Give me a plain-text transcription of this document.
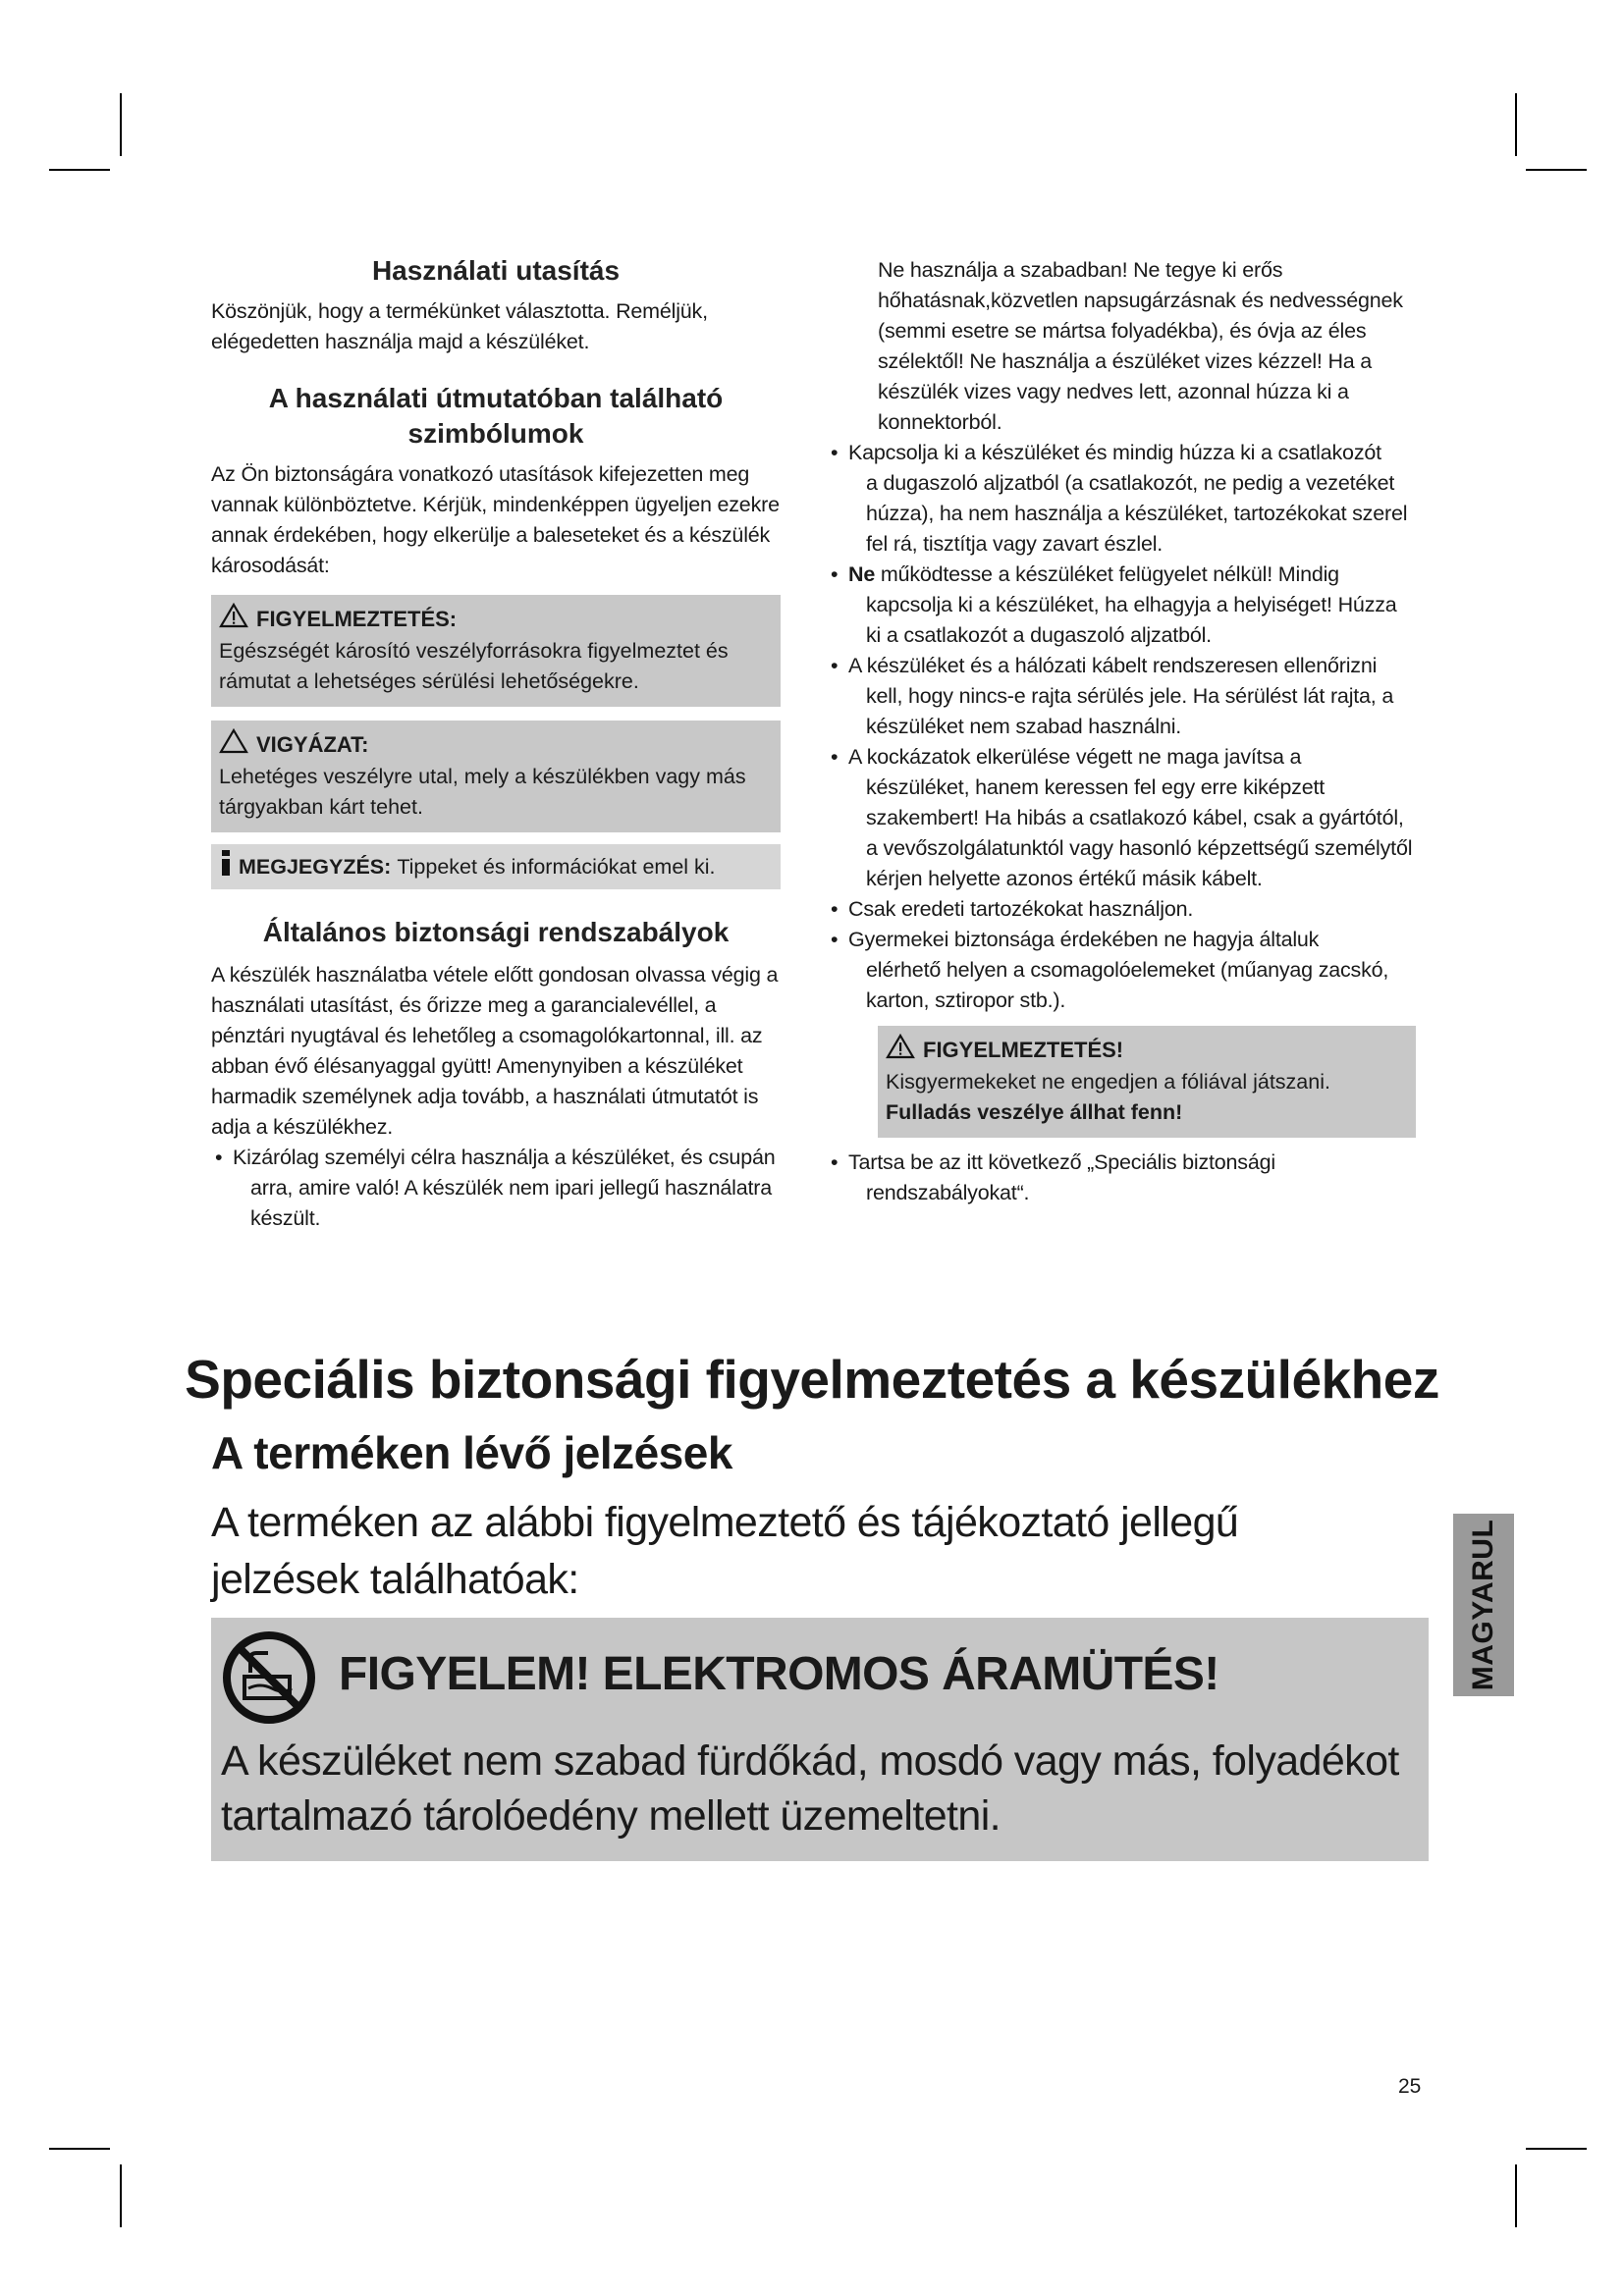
Használati utasítás

Köszönjük, hogy a termékünket választotta. Reméljük, elégedetten használja majd a készüléket.

A használati útmutatóban található szimbólumok

Az Ön biztonságára vonatkozó utasítások kifejezetten meg vannak különböztetve. Kérjük, mindenképpen ügyeljen ezekre annak érdekében, hogy elkerülje a baleseteket és a készülék károsodását:

FIGYELMEZTETÉS:
Egészségét károsító veszélyforrásokra figyelmeztet és rámutat a lehetséges sérülési lehetőségekre.
VIGYÁZAT:
Lehetéges veszélyre utal, mely a készülékben vagy más tárgyakban kárt tehet.
MEGJEGYZÉS: Tippeket és információkat emel ki.
Általános biztonsági rendszabályok

A készülék használatba vétele előtt gondosan olvassa végig a használati utasítást, és őrizze meg a garancialevéllel, a pénztári nyugtával és lehetőleg a csomagolókartonnal, ill. az abban évő élésanyaggal gyütt! Amenynyiben a készüléket harmadik személynek adja tovább, a használati útmutatót is adja a készülékhez.

• Kizárólag személyi célra használja a készüléket, és csupán
arra, amire való! A készülék nem ipari jellegű használatra készült.

Ne használja a szabadban! Ne tegye ki erős hőhatásnak,közvetlen napsugárzásnak és nedvességnek (semmi esetre se mártsa folyadékba), és óvja az éles szélektől! Ne használja a észüléket vizes kézzel! Ha a készülék vizes vagy nedves lett, azonnal húzza ki a konnektorból.

• Kapcsolja ki a készüléket és mindig húzza ki a csatlakozót
a dugaszoló aljzatból (a csatlakozót, ne pedig a vezetéket húzza), ha nem használja a készüléket, tartozékokat szerel fel rá, tisztítja vagy zavart észlel.
• Ne működtesse a készüléket felügyelet nélkül! Mindig
kapcsolja ki a készüléket, ha elhagyja a helyiséget! Húzza ki a csatlakozót a dugaszoló aljzatból.
• A készüléket és a hálózati kábelt rendszeresen ellenőrizni
kell, hogy nincs-e rajta sérülés jele. Ha sérülést lát rajta, a készüléket nem szabad használni.
• A kockázatok elkerülése végett ne maga javítsa a
készüléket, hanem keressen fel egy erre kiképzett szakembert! Ha hibás a csatlakozó kábel, csak a gyártótól, a vevőszolgálatunktól vagy hasonló képzettségű személytől kérjen helyette azonos értékű másik kábelt.
• Csak eredeti tartozékokat használjon.
• Gyermekei biztonsága érdekében ne hagyja általuk
elérhető helyen a csomagolóelemeket (műanyag zacskó, karton, sztiropor stb.).
FIGYELMEZTETÉS!
Kisgyermekeket ne engedjen a fóliával játszani. Fulladás veszélye állhat fenn!
• Tartsa be az itt következő „Speciális biztonsági
rendszabályokat“.
Speciális biztonsági figyelmeztetés a készülékhez
A terméken lévő jelzések
A terméken az alábbi figyelmeztető és tájékoztató jellegű jelzések találhatóak:
FIGYELEM! ELEKTROMOS ÁRAMÜTÉS!
A készüléket nem szabad fürdőkád, mosdó vagy más, folyadékot tartalmazó tárolóedény mellett üzemeltetni.
MAGYARUL
25
